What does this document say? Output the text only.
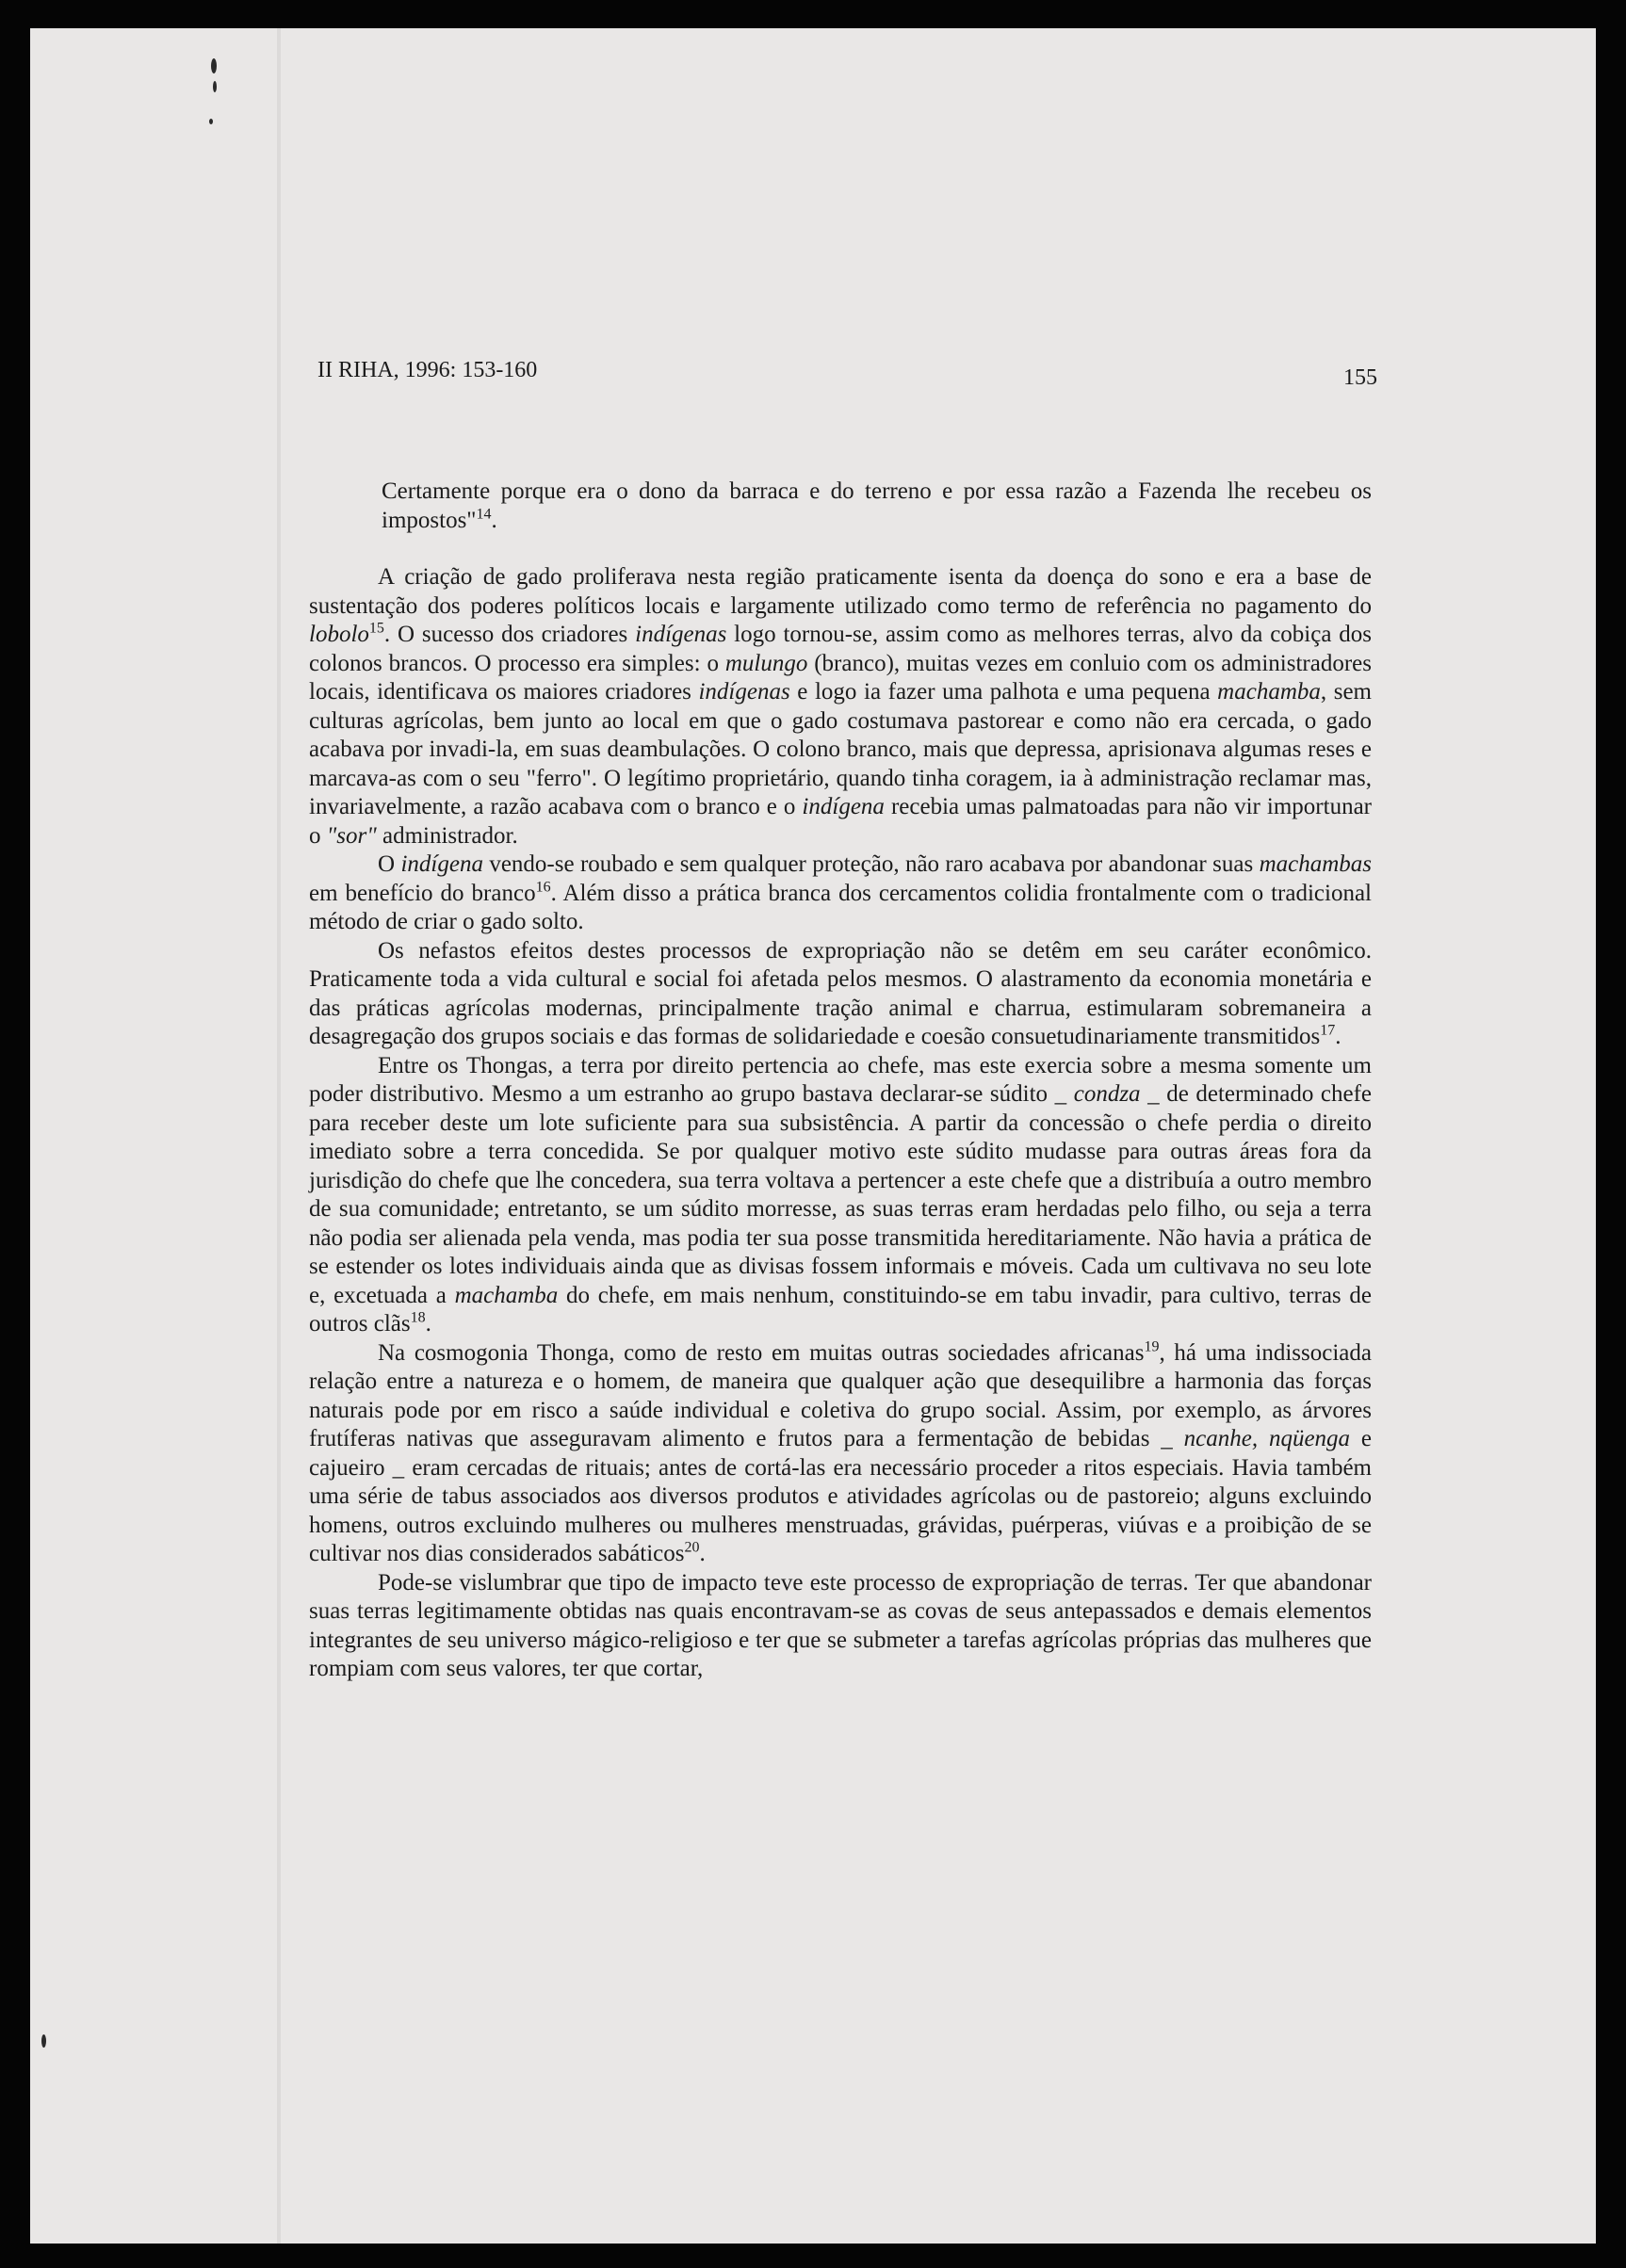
II RIHA, 1996: 153-160	155

Certamente porque era o dono da barraca e do terreno e por essa razão a Fazenda lhe recebeu os impostos"$^{14}$.

A criação de gado proliferava nesta região praticamente isenta da doença do sono e era a base de sustentação dos poderes políticos locais e largamente utilizado como termo de referência no pagamento do lobolo$^{15}$. O sucesso dos criadores indígenas logo tornou-se, assim como as melhores terras, alvo da cobiça dos colonos brancos. O processo era simples: o mulungo (branco), muitas vezes em conluio com os administradores locais, identificava os maiores criadores indígenas e logo ia fazer uma palhota e uma pequena machamba, sem culturas agrícolas, bem junto ao local em que o gado costumava pastorear e como não era cercada, o gado acabava por invadi-la, em suas deambulações. O colono branco, mais que depressa, aprisionava algumas reses e marcava-as com o seu "ferro". O legítimo proprietário, quando tinha coragem, ia à administração reclamar mas, invariavelmente, a razão acabava com o branco e o indígena recebia umas palmatoadas para não vir importunar o "sor" administrador.

O indígena vendo-se roubado e sem qualquer proteção, não raro acabava por abandonar suas machambas em benefício do branco$^{16}$. Além disso a prática branca dos cercamentos colidia frontalmente com o tradicional método de criar o gado solto.

Os nefastos efeitos destes processos de expropriação não se detêm em seu caráter econômico. Praticamente toda a vida cultural e social foi afetada pelos mesmos. O alastramento da economia monetária e das práticas agrícolas modernas, principalmente tração animal e charrua, estimularam sobremaneira a desagregação dos grupos sociais e das formas de solidariedade e coesão consuetudinariamente transmitidos$^{17}$.

Entre os Thongas, a terra por direito pertencia ao chefe, mas este exercia sobre a mesma somente um poder distributivo. Mesmo a um estranho ao grupo bastava declarar-se súdito _ condza _ de determinado chefe para receber deste um lote suficiente para sua subsistência. A partir da concessão o chefe perdia o direito imediato sobre a terra concedida. Se por qualquer motivo este súdito mudasse para outras áreas fora da jurisdição do chefe que lhe concedera, sua terra voltava a pertencer a este chefe que a distribuía a outro membro de sua comunidade; entretanto, se um súdito morresse, as suas terras eram herdadas pelo filho, ou seja a terra não podia ser alienada pela venda, mas podia ter sua posse transmitida hereditariamente. Não havia a prática de se estender os lotes individuais ainda que as divisas fossem informais e móveis. Cada um cultivava no seu lote e, excetuada a machamba do chefe, em mais nenhum, constituindo-se em tabu invadir, para cultivo, terras de outros clãs$^{18}$.

Na cosmogonia Thonga, como de resto em muitas outras sociedades africanas$^{19}$, há uma indissociada relação entre a natureza e o homem, de maneira que qualquer ação que desequilibre a harmonia das forças naturais pode por em risco a saúde individual e coletiva do grupo social. Assim, por exemplo, as árvores frutíferas nativas que asseguravam alimento e frutos para a fermentação de bebidas _ ncanhe, nqüenga e cajueiro _ eram cercadas de rituais; antes de cortá-las era necessário proceder a ritos especiais. Havia também uma série de tabus associados aos diversos produtos e atividades agrícolas ou de pastoreio; alguns excluindo homens, outros excluindo mulheres ou mulheres menstruadas, grávidas, puérperas, viúvas e a proibição de se cultivar nos dias considerados sabáticos$^{20}$.

Pode-se vislumbrar que tipo de impacto teve este processo de expropriação de terras. Ter que abandonar suas terras legitimamente obtidas nas quais encontravam-se as covas de seus antepassados e demais elementos integrantes de seu universo mágico-religioso e ter que se submeter a tarefas agrícolas próprias das mulheres que rompiam com seus valores, ter que cortar,
